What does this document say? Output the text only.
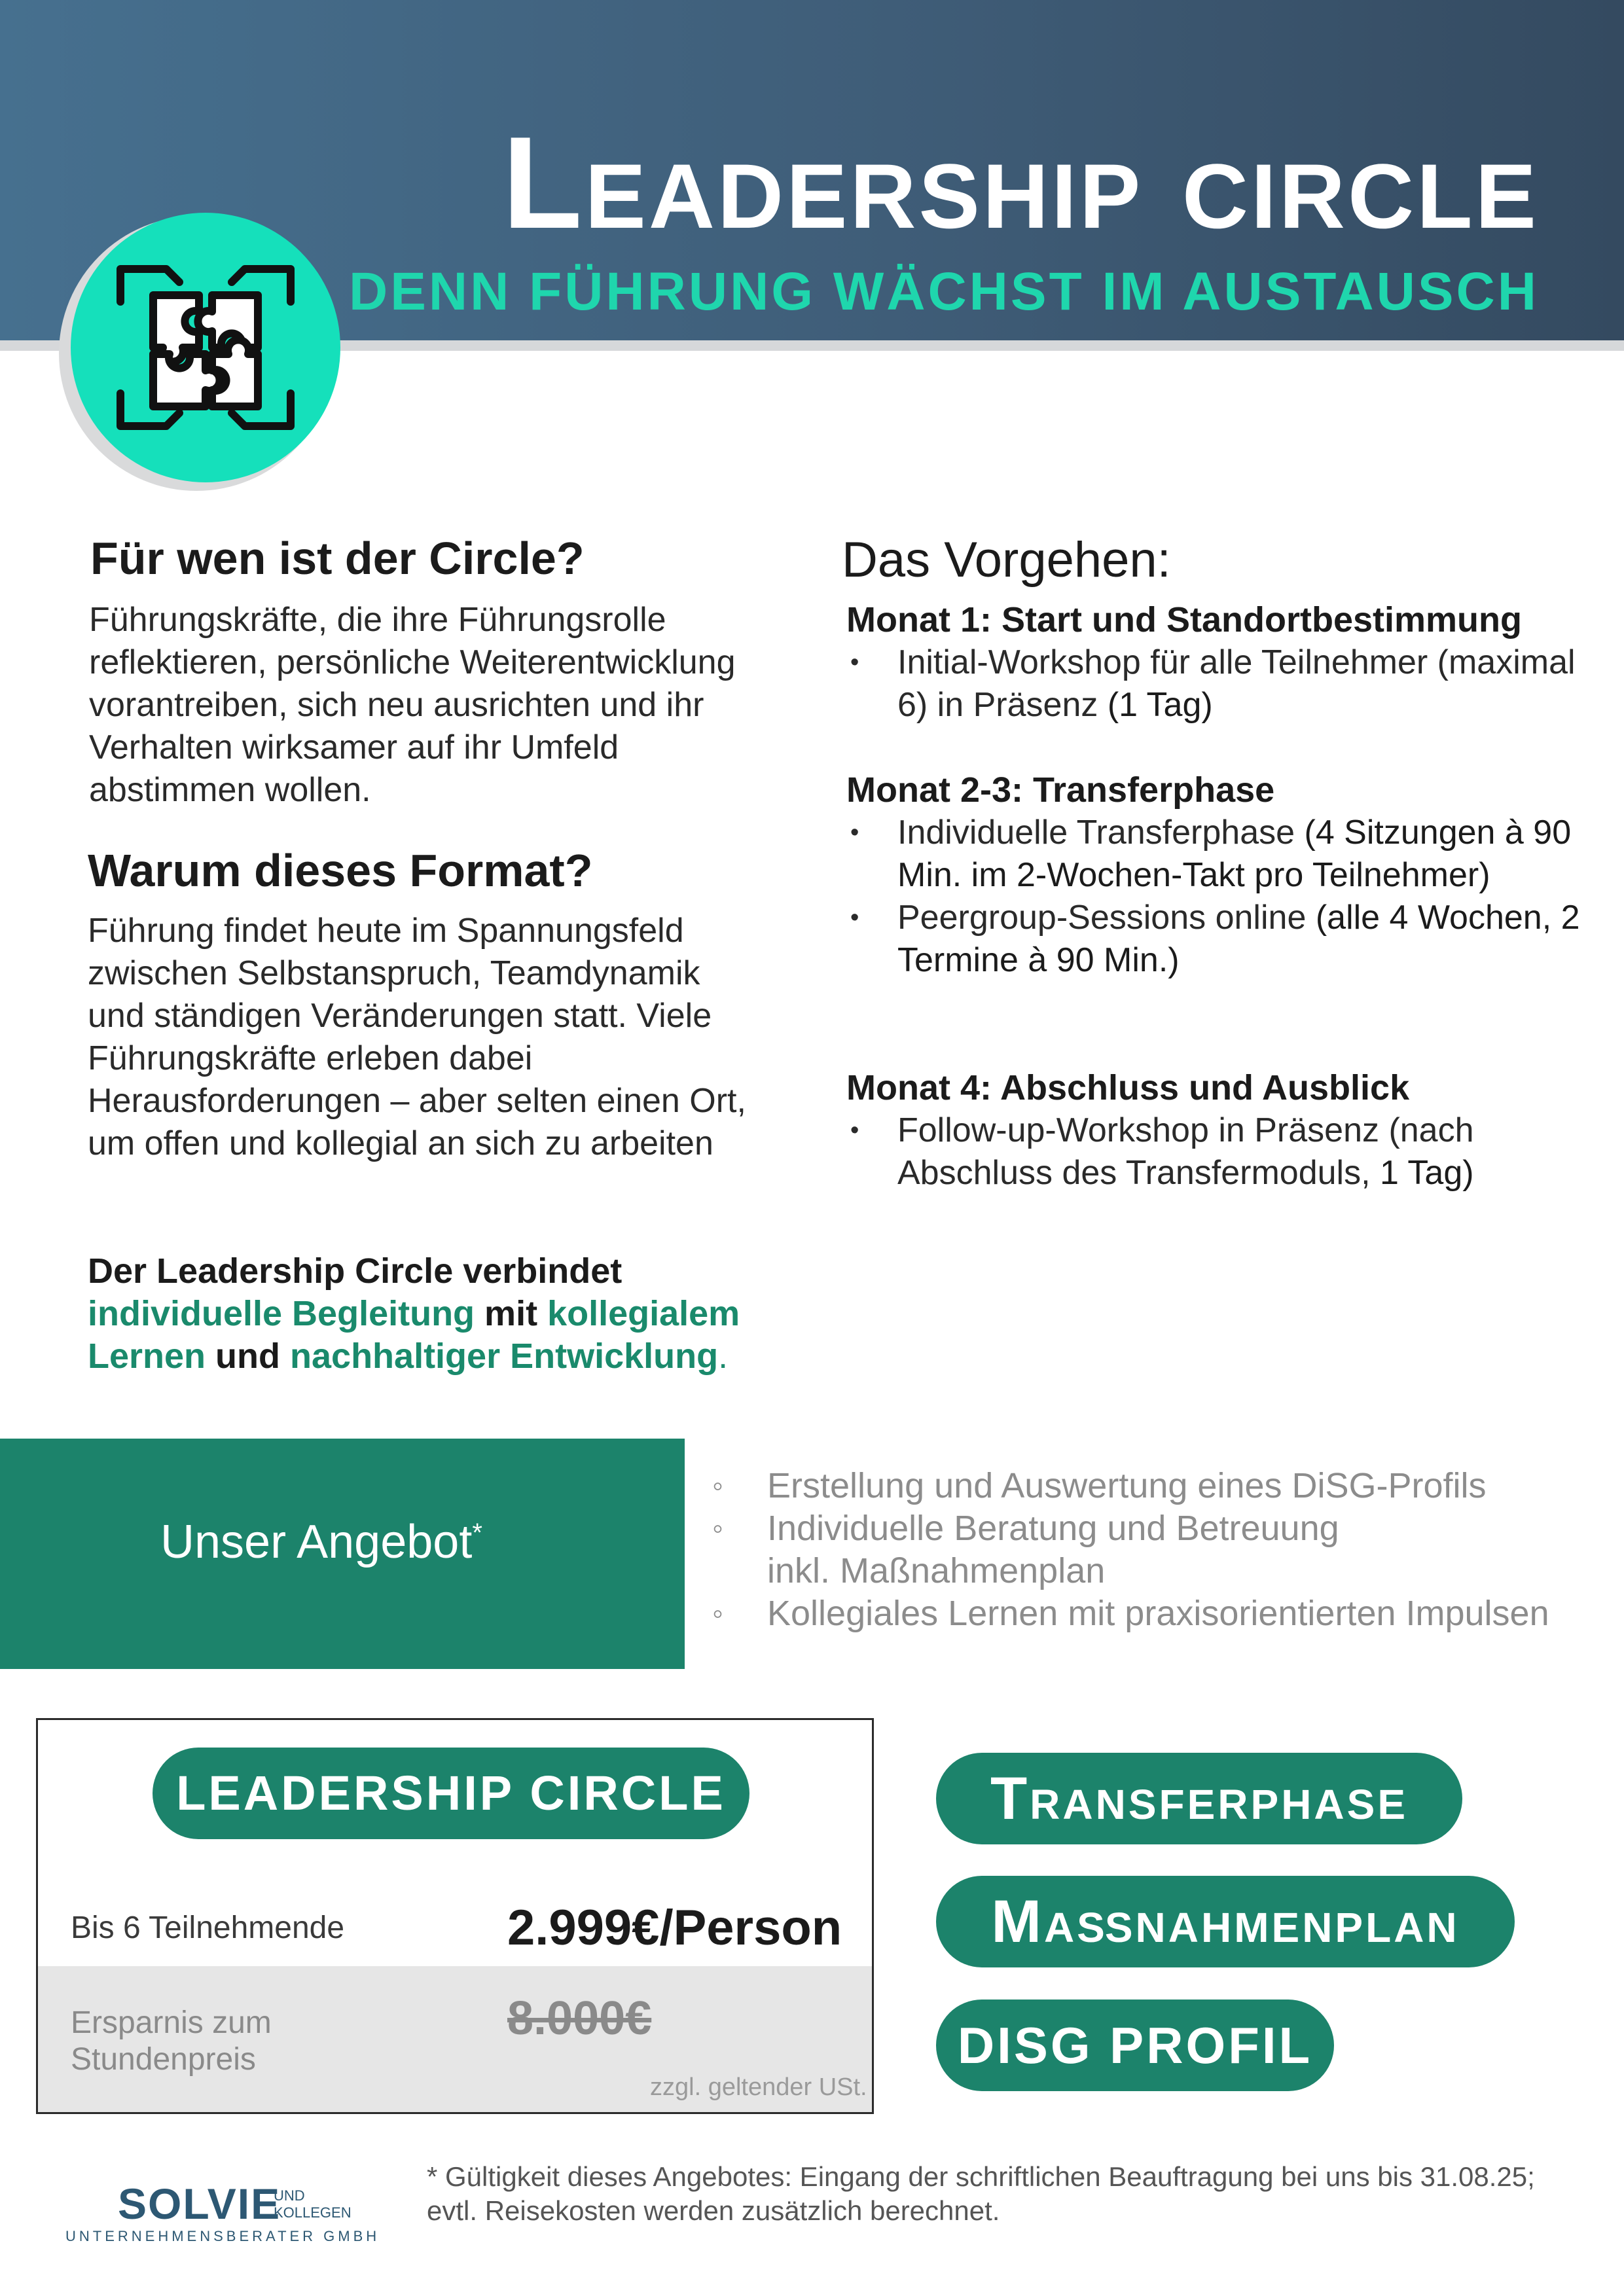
Leadership circle
DENN FÜHRUNG WÄCHST IM AUSTAUSCH
Für wen ist der Circle?
Führungskräfte, die ihre Führungsrolle reflektieren, persönliche Weiterentwicklung vorantreiben, sich neu ausrichten und ihr Verhalten wirksamer auf ihr Umfeld abstimmen wollen.
Warum dieses Format?
Führung findet heute im Spannungsfeld zwischen Selbstanspruch, Teamdynamik und ständigen Veränderungen statt. Viele Führungskräfte erleben dabei Herausforderungen – aber selten einen Ort, um offen und kollegial an sich zu arbeiten
Der Leadership Circle verbindet individuelle Begleitung mit kollegialem Lernen und nachhaltiger Entwicklung.
Das Vorgehen:
Monat 1: Start und Standortbestimmung
• Initial-Workshop für alle Teilnehmer (maximal 6) in Präsenz (1 Tag)
Monat 2-3: Transferphase
• Individuelle Transferphase (4 Sitzungen à 90 Min. im 2-Wochen-Takt pro Teilnehmer)
• Peergroup-Sessions online (alle 4 Wochen, 2 Termine à 90 Min.)
Monat 4: Abschluss und Ausblick
• Follow-up-Workshop in Präsenz (nach Abschluss des Transfermoduls, 1 Tag)
Unser Angebot*
◦ Erstellung und Auswertung eines DiSG-Profils
◦ Individuelle Beratung und Betreuung inkl. Maßnahmenplan
◦ Kollegiales Lernen mit praxisorientierten Impulsen
LEADERSHIP CIRCLE
Bis 6 Teilnehmende	2.999€/Person
Ersparnis zum Stundenpreis
8.000€
zzgl. geltender USt.
Transferphase
Maßnahmenplan
DISG PROFIL
SOLVIE
UND
KOLLEGEN
UNTERNEHMENSBERATER GMBH
* Gültigkeit dieses Angebotes: Eingang der schriftlichen Beauftragung bei uns bis 31.08.25; evtl. Reisekosten werden zusätzlich berechnet.
